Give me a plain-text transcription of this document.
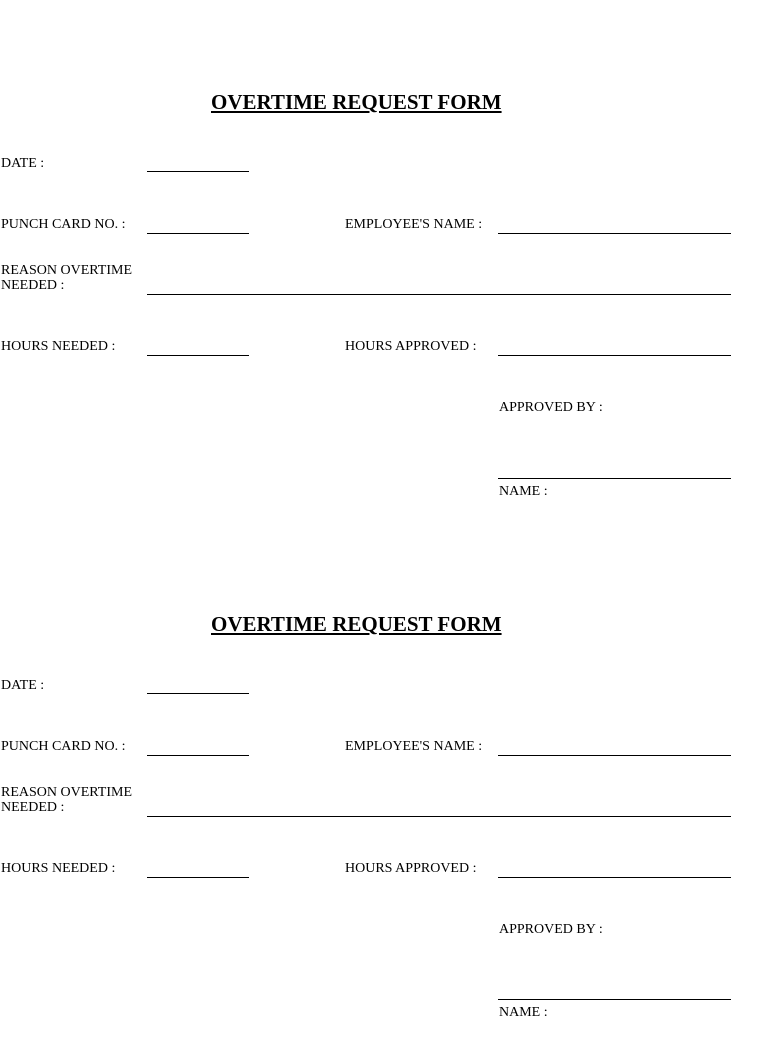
OVERTIME REQUEST FORM
DATE :
PUNCH CARD NO. :	EMPLOYEE'S NAME :
REASON OVERTIME
NEEDED :
HOURS NEEDED :	HOURS APPROVED :
APPROVED BY :
NAME :
OVERTIME REQUEST FORM
DATE :
PUNCH CARD NO. :	EMPLOYEE'S NAME :
REASON OVERTIME
NEEDED :
HOURS NEEDED :	HOURS APPROVED :
APPROVED BY :
NAME :
